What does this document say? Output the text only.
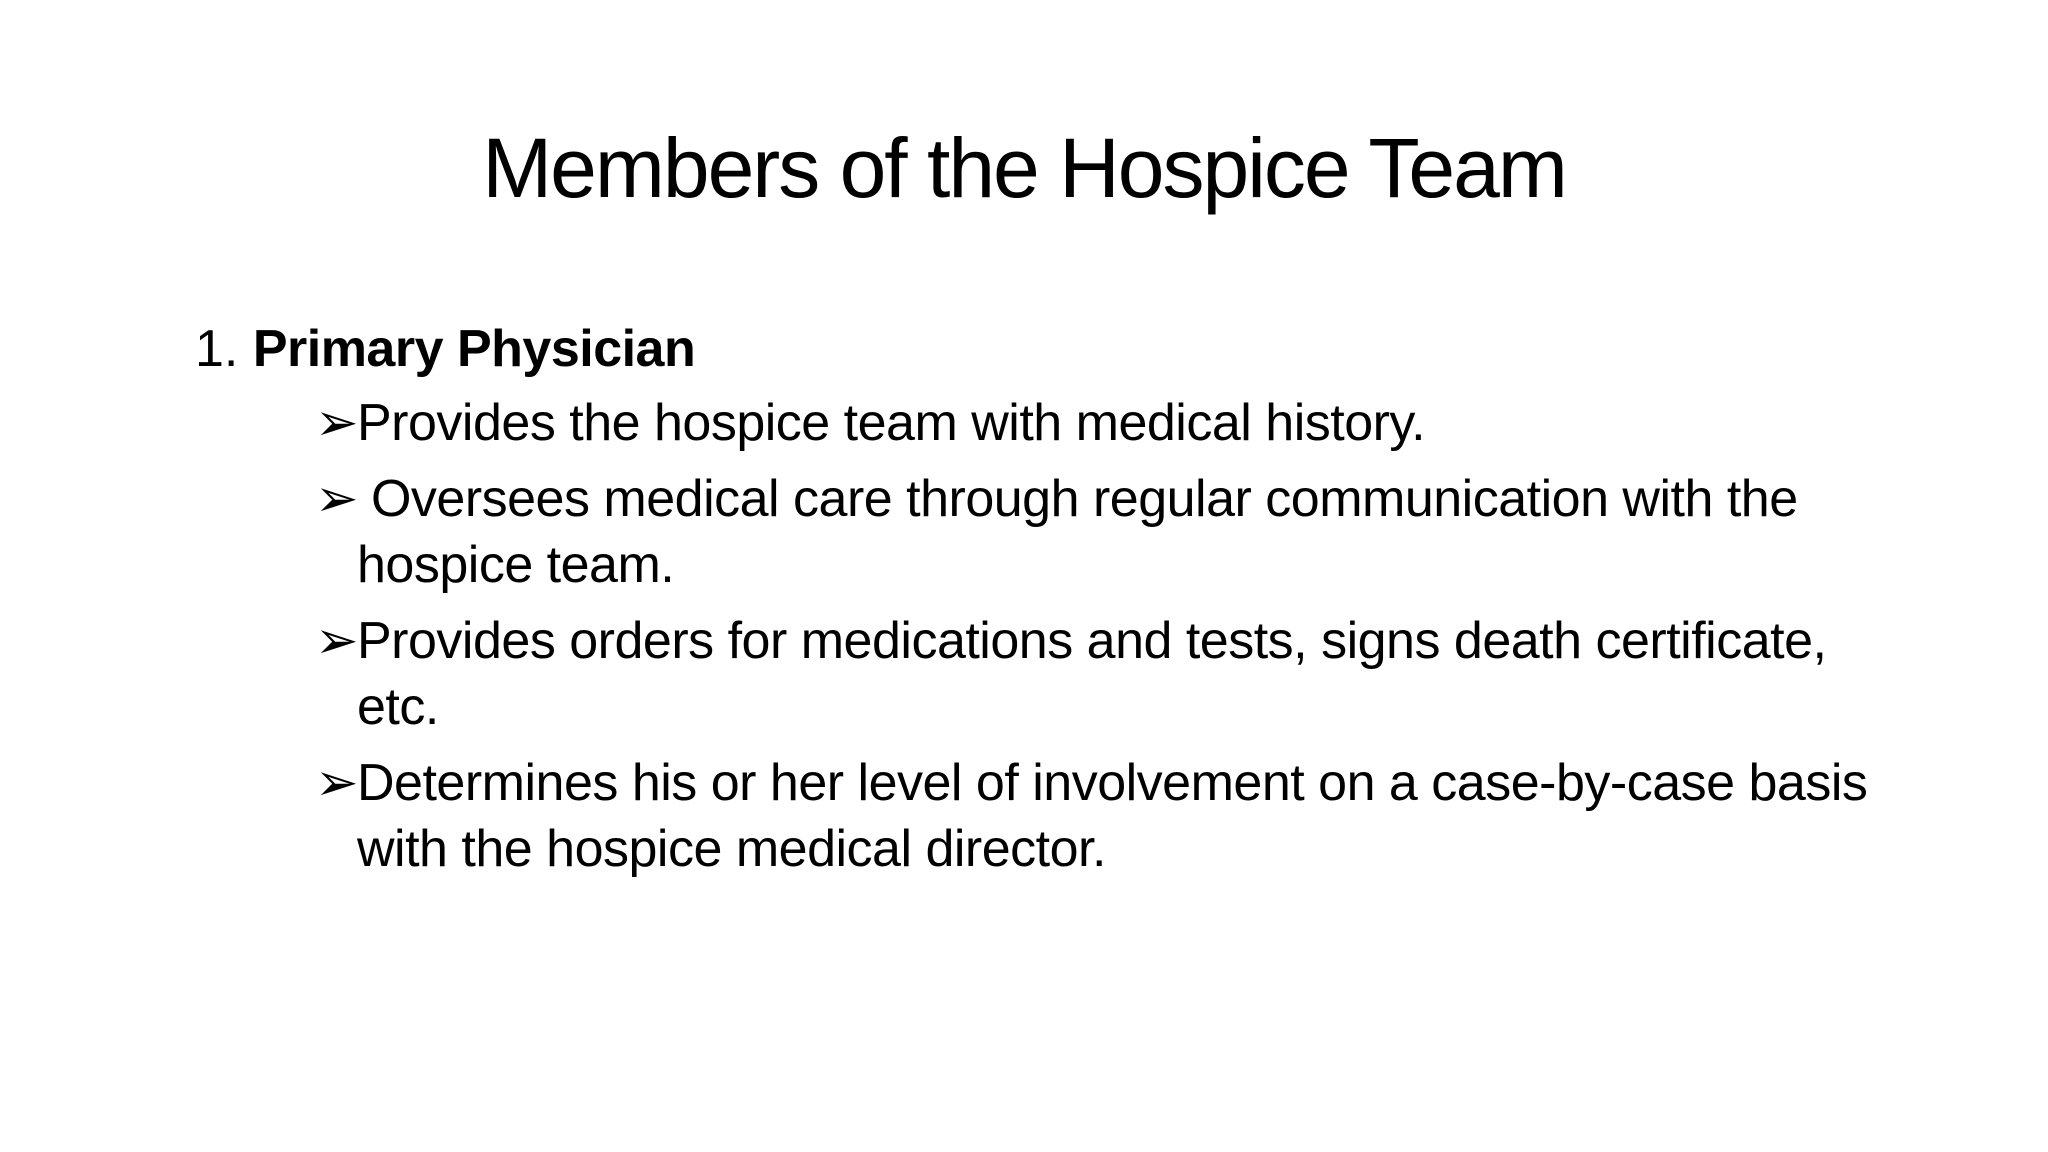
Members of the Hospice Team

1. Primary Physician

➢
Provides the hospice team with medical history.
➢
Oversees medical care through regular communication with the hospice team.
➢
Provides orders for medications and tests, signs death certificate, etc.
➢
Determines his or her level of involvement on a case-by-case basis with the hospice medical director.
